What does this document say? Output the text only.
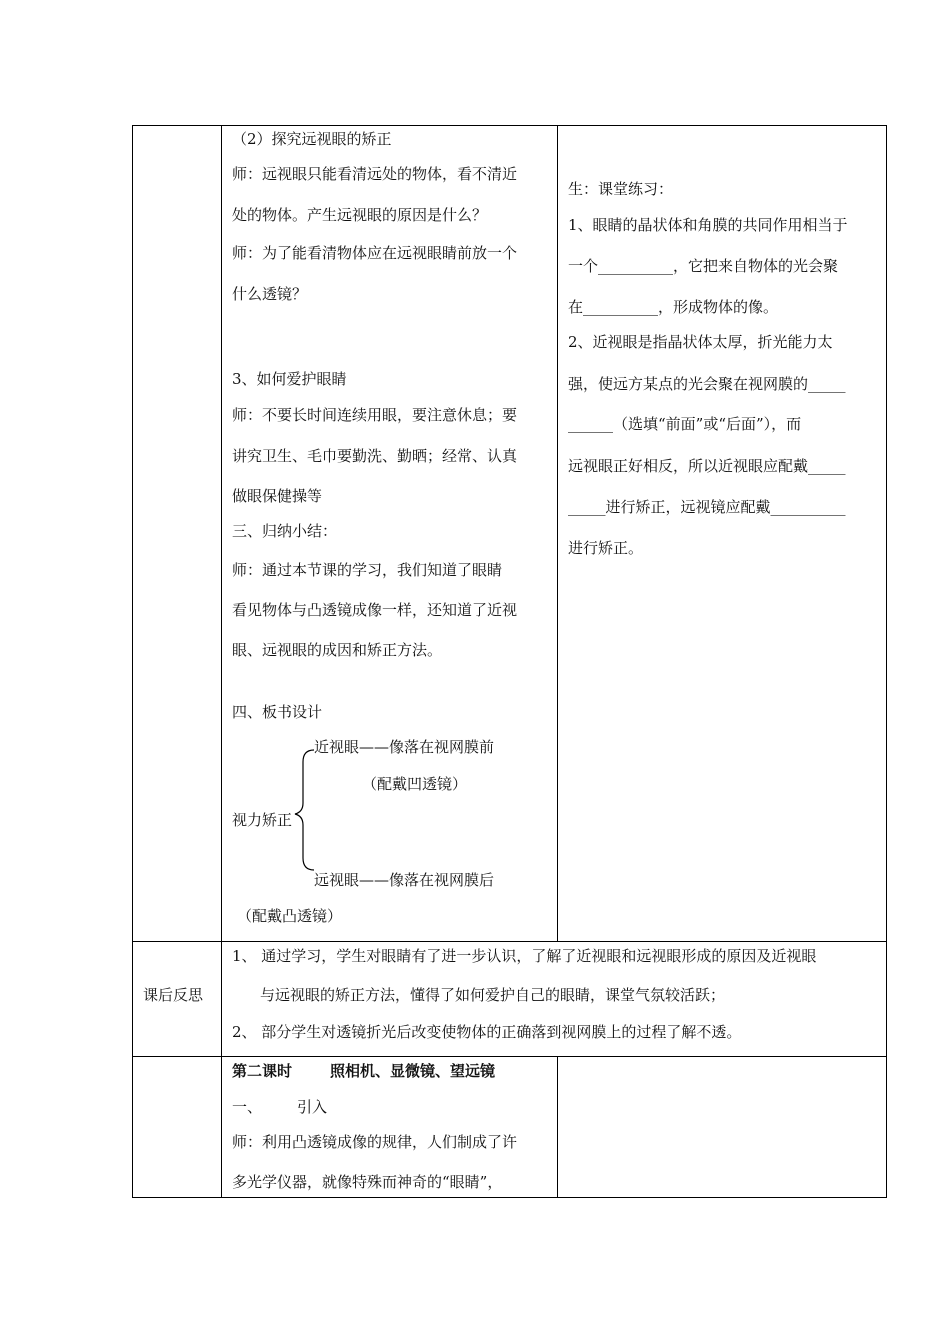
（2）探究远视眼的矫正
师：远视眼只能看清远处的物体，看不清近
处的物体。产生远视眼的原因是什么？
师：为了能看清物体应在远视眼睛前放一个
什么透镜？
3、如何爱护眼睛
师：不要长时间连续用眼，要注意休息；要
讲究卫生、毛巾要勤洗、勤晒；经常、认真
做眼保健操等
三、归纳小结：
师：通过本节课的学习，我们知道了眼睛
看见物体与凸透镜成像一样，还知道了近视
眼、远视眼的成因和矫正方法。
四、板书设计
近视眼——像落在视网膜前
（配戴凹透镜）
视力矫正
远视眼——像落在视网膜后
（配戴凸透镜）
生：课堂练习：
1、眼睛的晶状体和角膜的共同作用相当于
一个__________，它把来自物体的光会聚
在__________，形成物体的像。
2、近视眼是指晶状体太厚，折光能力太
强，使远方某点的光会聚在视网膜的_____
______（选填“前面”或“后面”），而
远视眼正好相反，所以近视眼应配戴_____
_____进行矫正，远视镜应配戴__________
进行矫正。
课后反思
1、 通过学习，学生对眼睛有了进一步认识，了解了近视眼和远视眼形成的原因及近视眼
与远视眼的矫正方法，懂得了如何爱护自己的眼睛，课堂气氛较活跃；
2、 部分学生对透镜折光后改变使物体的正确落到视网膜上的过程了解不透。
第二课时	照相机、显微镜、望远镜
一、 引入
师：利用凸透镜成像的规律，人们制成了许
多光学仪器，就像特殊而神奇的“眼睛”，
